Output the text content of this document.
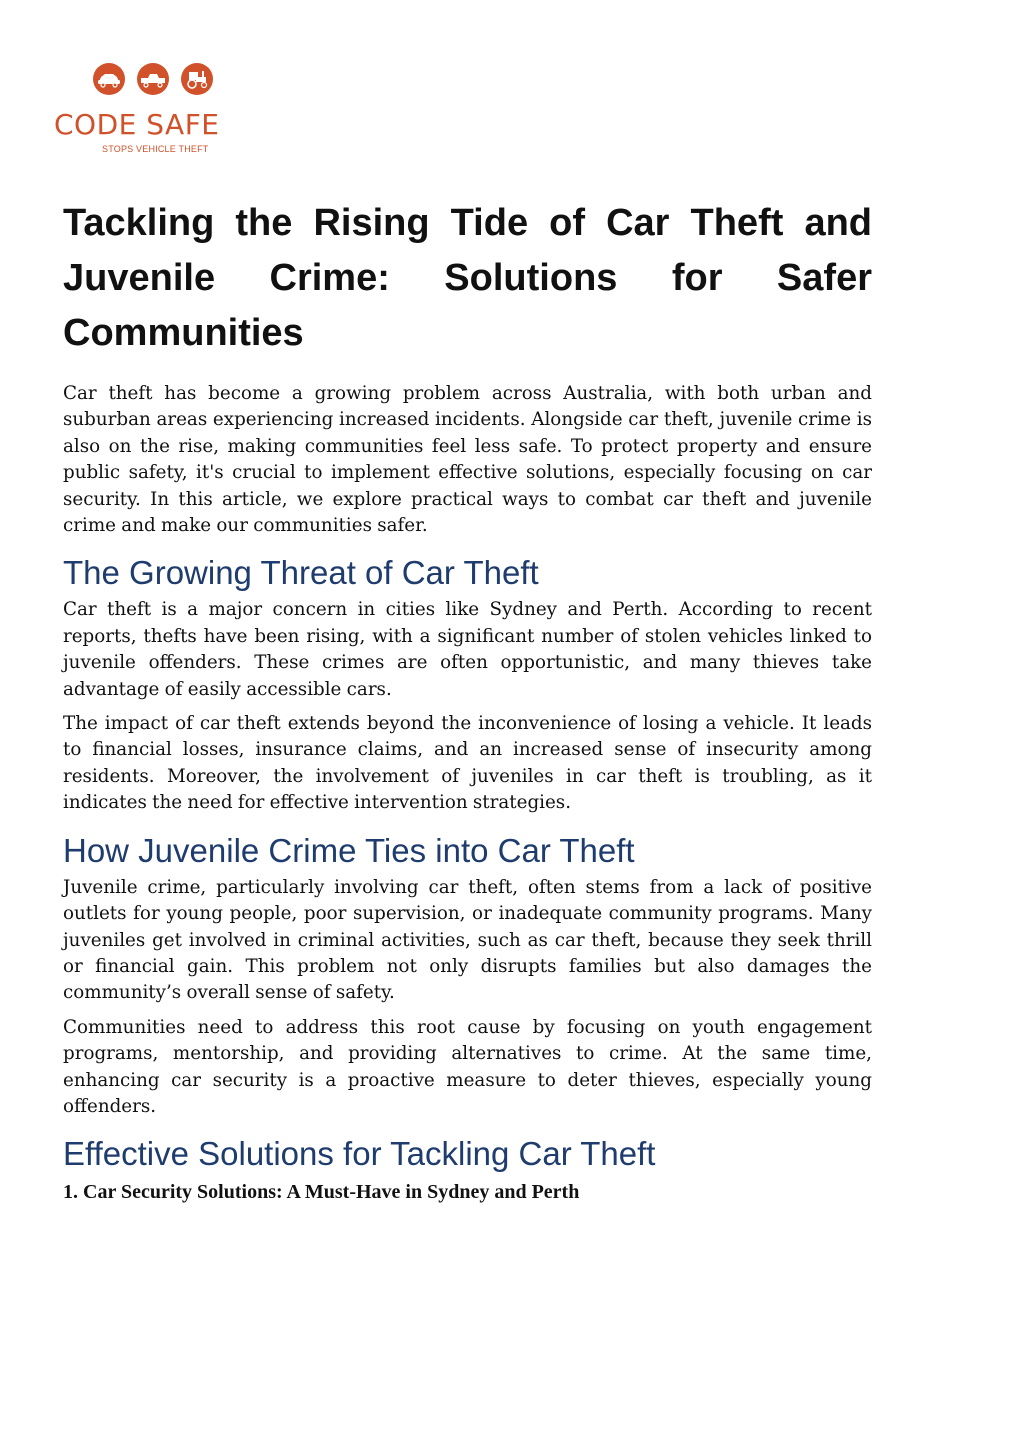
CODE SAFE
STOPS VEHICLE THEFT
Tackling the Rising Tide of Car Theft and Juvenile Crime: Solutions for Safer Communities

Car theft has become a growing problem across Australia, with both urban and suburban areas experiencing increased incidents. Alongside car theft, juvenile crime is also on the rise, making communities feel less safe. To protect property and ensure public safety, it's crucial to implement effective solutions, especially focusing on car security. In this article, we explore practical ways to combat car theft and juvenile crime and make our communities safer.

The Growing Threat of Car Theft

Car theft is a major concern in cities like Sydney and Perth. According to recent reports, thefts have been rising, with a significant number of stolen vehicles linked to juvenile offenders. These crimes are often opportunistic, and many thieves take advantage of easily accessible cars.

The impact of car theft extends beyond the inconvenience of losing a vehicle. It leads to financial losses, insurance claims, and an increased sense of insecurity among residents. Moreover, the involvement of juveniles in car theft is troubling, as it indicates the need for effective intervention strategies.

How Juvenile Crime Ties into Car Theft

Juvenile crime, particularly involving car theft, often stems from a lack of positive outlets for young people, poor supervision, or inadequate community programs. Many juveniles get involved in criminal activities, such as car theft, because they seek thrill or financial gain. This problem not only disrupts families but also damages the community’s overall sense of safety.

Communities need to address this root cause by focusing on youth engagement programs, mentorship, and providing alternatives to crime. At the same time, enhancing car security is a proactive measure to deter thieves, especially young offenders.

Effective Solutions for Tackling Car Theft

1. Car Security Solutions: A Must-Have in Sydney and Perth
